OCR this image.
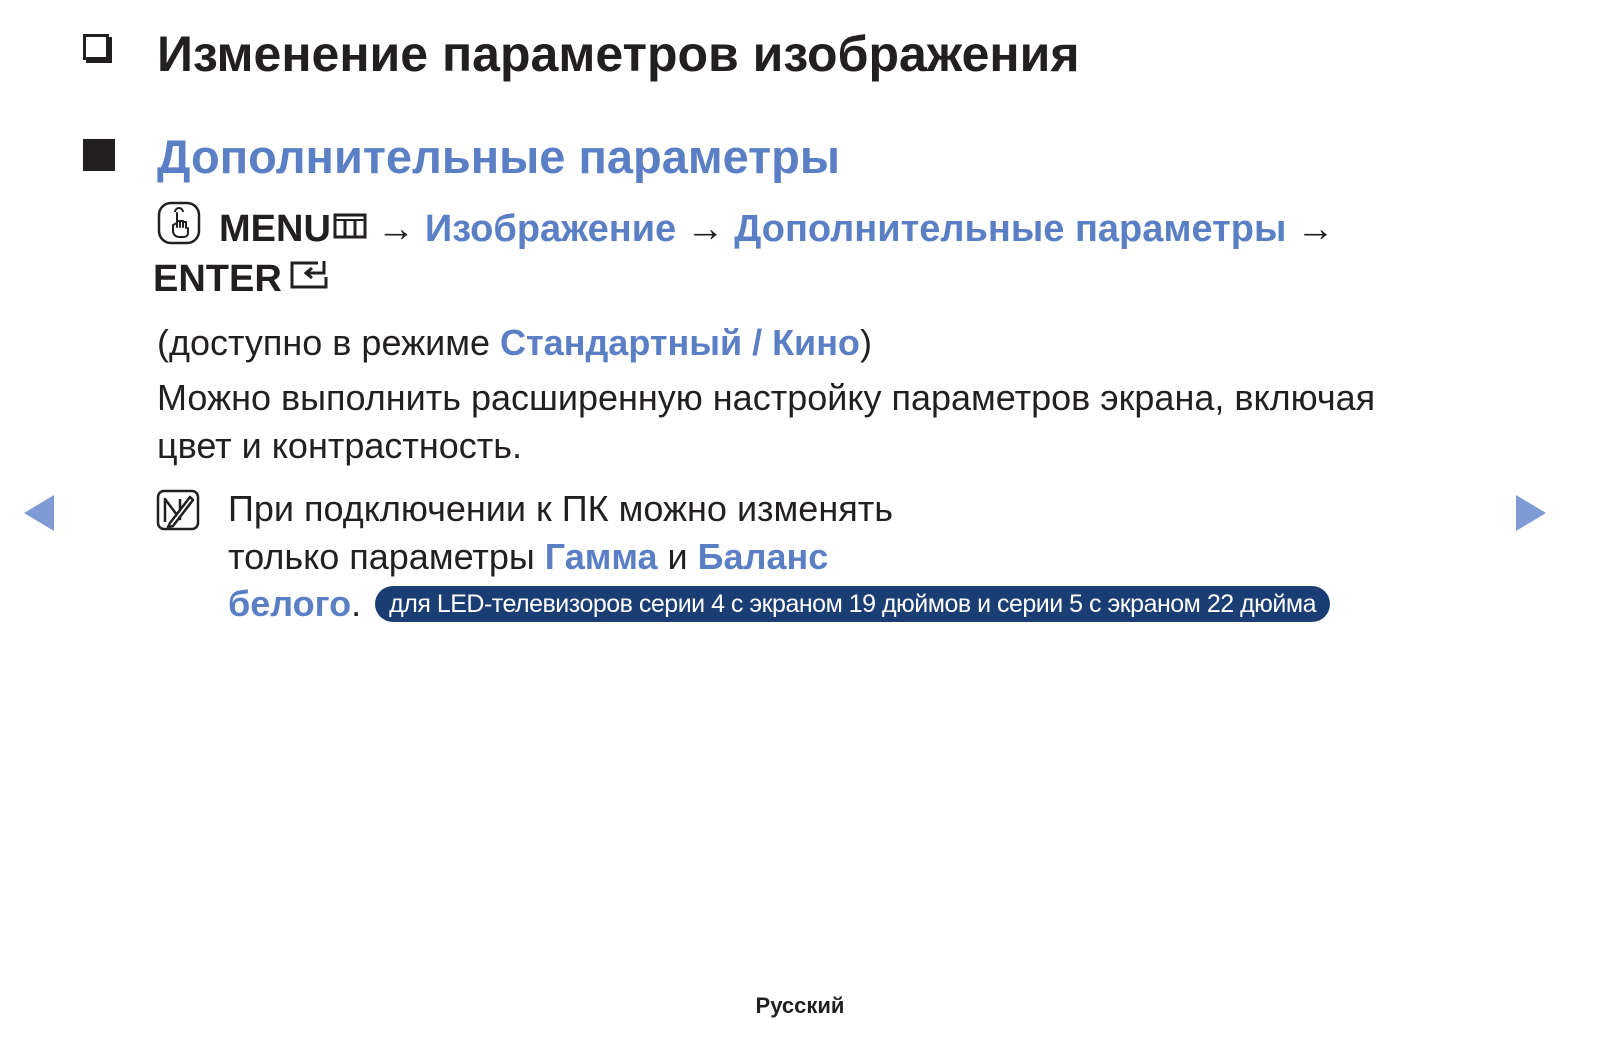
Изменение параметров изображения
Дополнительные параметры
MENU → Изображение → Дополнительные параметры →
ENTER
(доступно в режиме Стандартный / Кино)
Можно выполнить расширенную настройку параметров экрана, включая
цвет и контрастность.
При подключении к ПК можно изменять
только параметры Гамма и Баланс
белого .	для LED-телевизоров серии 4 с экраном 19 дюймов и серии 5 с экраном 22 дюйма
Русский
